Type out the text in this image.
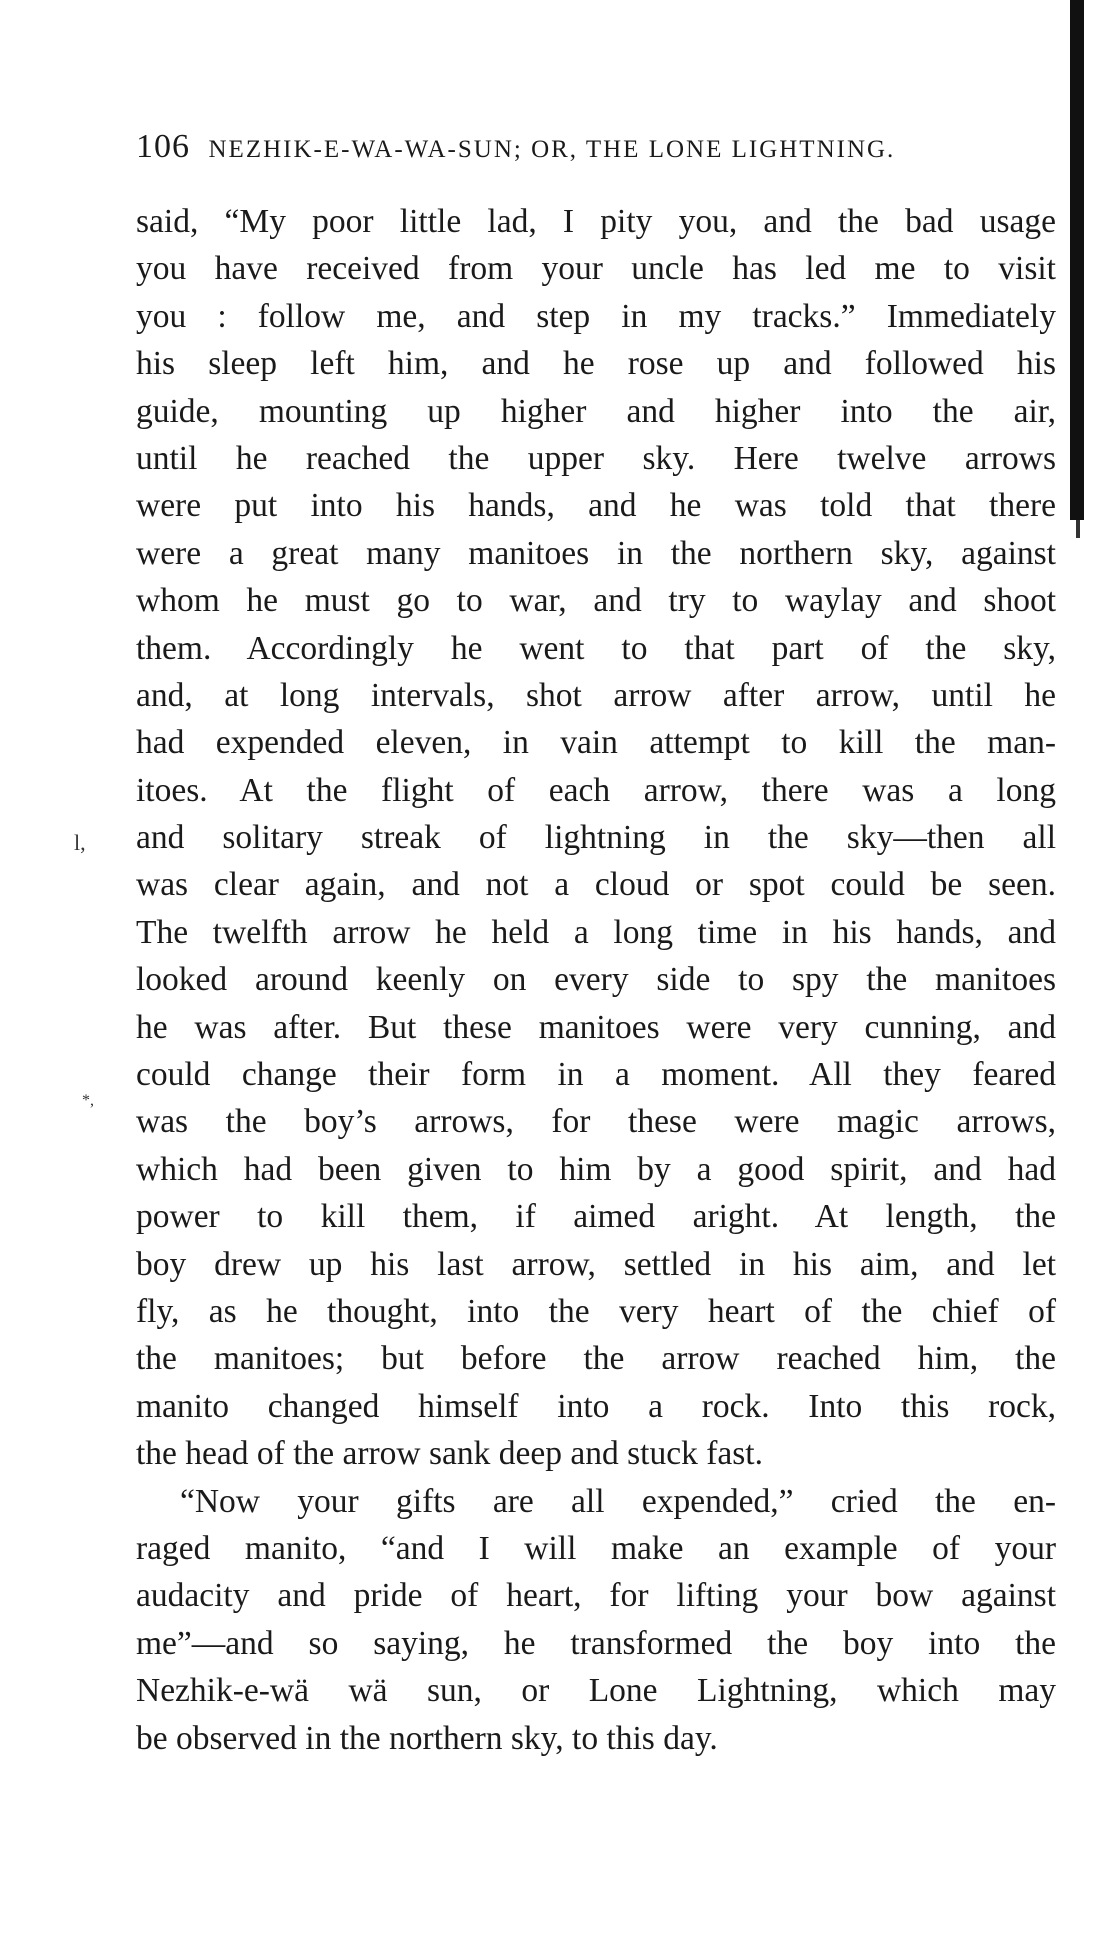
106 NEZHIK-E-WA-WA-SUN; OR, THE LONE LIGHTNING.
l,
*,
said, “My poor little lad, I pity you, and the bad usage
you have received from your uncle has led me to visit
you : follow me, and step in my tracks.” Immediately
his sleep left him, and he rose up and followed his
guide, mounting up higher and higher into the air,
until he reached the upper sky. Here twelve arrows
were put into his hands, and he was told that there
were a great many manitoes in the northern sky, against
whom he must go to war, and try to waylay and shoot
them. Accordingly he went to that part of the sky,
and, at long intervals, shot arrow after arrow, until he
had expended eleven, in vain attempt to kill the man-
itoes. At the flight of each arrow, there was a long
and solitary streak of lightning in the sky—then all
was clear again, and not a cloud or spot could be seen.
The twelfth arrow he held a long time in his hands, and
looked around keenly on every side to spy the manitoes
he was after. But these manitoes were very cunning, and
could change their form in a moment. All they feared
was the boy’s arrows, for these were magic arrows,
which had been given to him by a good spirit, and had
power to kill them, if aimed aright. At length, the
boy drew up his last arrow, settled in his aim, and let
fly, as he thought, into the very heart of the chief of
the manitoes; but before the arrow reached him, the
manito changed himself into a rock. Into this rock,
the head of the arrow sank deep and stuck fast.
“Now your gifts are all expended,” cried the en-
raged manito, “and I will make an example of your
audacity and pride of heart, for lifting your bow against
me”—and so saying, he transformed the boy into the
Nezhik-e-wä wä sun, or Lone Lightning, which may
be observed in the northern sky, to this day.
